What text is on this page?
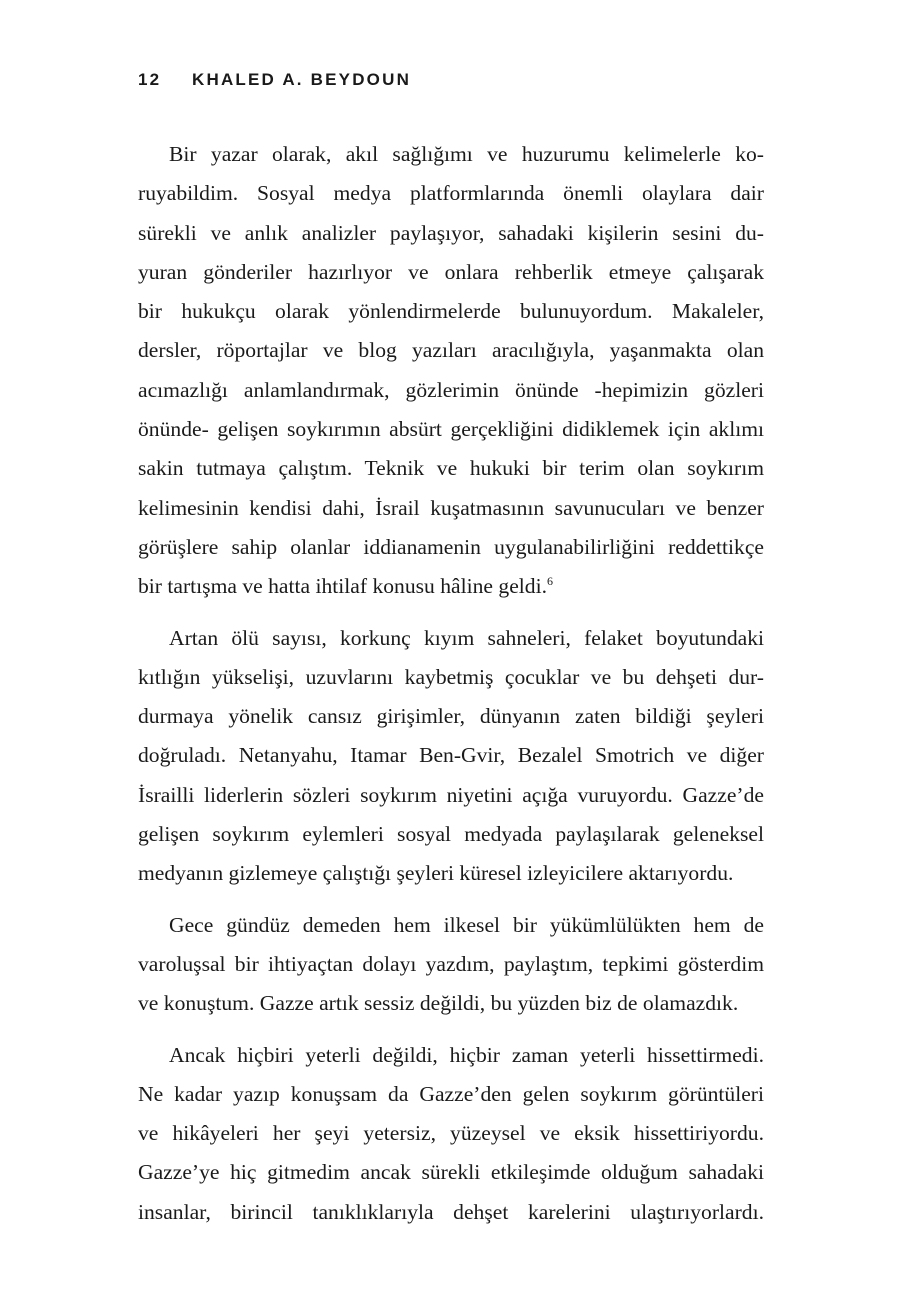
12	KHALED A. BEYDOUN
Bir yazar olarak, akıl sağlığımı ve huzurumu kelimelerle ko-
ruyabildim. Sosyal medya platformlarında önemli olaylara dair
sürekli ve anlık analizler paylaşıyor, sahadaki kişilerin sesini du-
yuran gönderiler hazırlıyor ve onlara rehberlik etmeye çalışarak
bir hukukçu olarak yönlendirmelerde bulunuyordum. Makaleler,
dersler, röportajlar ve blog yazıları aracılığıyla, yaşanmakta olan
acımazlığı anlamlandırmak, gözlerimin önünde -hepimizin gözleri
önünde- gelişen soykırımın absürt gerçekliğini didiklemek için aklımı
sakin tutmaya çalıştım. Teknik ve hukuki bir terim olan soykırım
kelimesinin kendisi dahi, İsrail kuşatmasının savunucuları ve benzer
görüşlere sahip olanlar iddianamenin uygulanabilirliğini reddettikçe
bir tartışma ve hatta ihtilaf konusu hâline geldi.$^6$
Artan ölü sayısı, korkunç kıyım sahneleri, felaket boyutundaki
kıtlığın yükselişi, uzuvlarını kaybetmiş çocuklar ve bu dehşeti dur-
durmaya yönelik cansız girişimler, dünyanın zaten bildiği şeyleri
doğruladı. Netanyahu, Itamar Ben-Gvir, Bezalel Smotrich ve diğer
İsrailli liderlerin sözleri soykırım niyetini açığa vuruyordu. Gazze’de
gelişen soykırım eylemleri sosyal medyada paylaşılarak geleneksel
medyanın gizlemeye çalıştığı şeyleri küresel izleyicilere aktarıyordu.
Gece gündüz demeden hem ilkesel bir yükümlülükten hem de
varoluşsal bir ihtiyaçtan dolayı yazdım, paylaştım, tepkimi gösterdim
ve konuştum. Gazze artık sessiz değildi, bu yüzden biz de olamazdık.
Ancak hiçbiri yeterli değildi, hiçbir zaman yeterli hissettirmedi.
Ne kadar yazıp konuşsam da Gazze’den gelen soykırım görüntüleri
ve hikâyeleri her şeyi yetersiz, yüzeysel ve eksik hissettiriyordu.
Gazze’ye hiç gitmedim ancak sürekli etkileşimde olduğum sahadaki
insanlar, birincil tanıklıklarıyla dehşet karelerini ulaştırıyorlardı.
